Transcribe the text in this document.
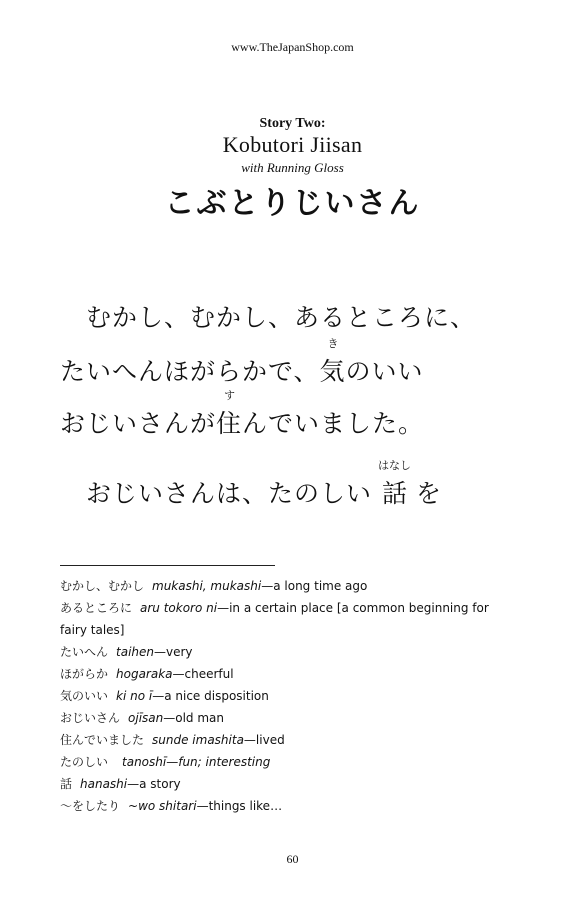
www.TheJapanShop.com
Story Two:
Kobutori Jiisan
with Running Gloss
こぶとりじいさん
むかし、むかし、あるところに、
たいへんほがらかで、
き
気のいい
おじいさんが
す
住んでいました。
おじいさんは、たのしい
はなし
話 を

むかし、むかし mukashi, mukashi—a long time ago

あるところに aru tokoro ni—in a certain place [a common beginning for fairy tales]

たいへん taihen—very

ほがらか hogaraka—cheerful

気のいい ki no ī—a nice disposition

おじいさん ojīsan—old man

住んでいました sunde imashita—lived

たのしい tanoshī—fun; interesting

話 hanashi—a story

～をしたり ~wo shitari—things like…

60
